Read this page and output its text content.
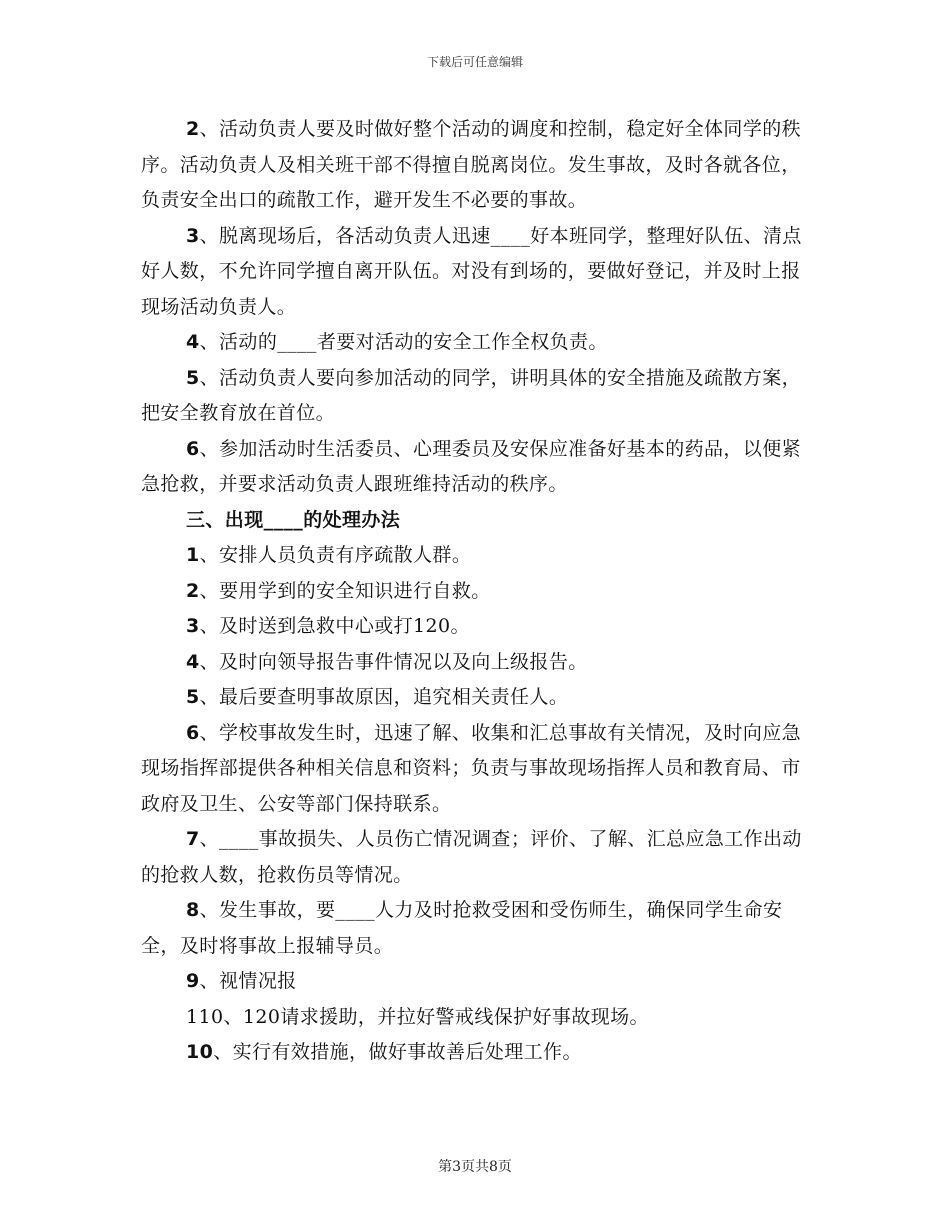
下载后可任意编辑

2、活动负责人要及时做好整个活动的调度和控制，稳定好全体同学的秩序。活动负责人及相关班干部不得擅自脱离岗位。发生事故，及时各就各位，负责安全出口的疏散工作，避开发生不必要的事故。

3、脱离现场后，各活动负责人迅速____好本班同学，整理好队伍、清点好人数，不允许同学擅自离开队伍。对没有到场的，要做好登记，并及时上报现场活动负责人。

4、活动的____者要对活动的安全工作全权负责。

5、活动负责人要向参加活动的同学，讲明具体的安全措施及疏散方案，把安全教育放在首位。

6、参加活动时生活委员、心理委员及安保应准备好基本的药品，以便紧急抢救，并要求活动负责人跟班维持活动的秩序。

三、出现____的处理办法

1、安排人员负责有序疏散人群。

2、要用学到的安全知识进行自救。

3、及时送到急救中心或打120。

4、及时向领导报告事件情况以及向上级报告。

5、最后要查明事故原因，追究相关责任人。

6、学校事故发生时，迅速了解、收集和汇总事故有关情况，及时向应急现场指挥部提供各种相关信息和资料；负责与事故现场指挥人员和教育局、市政府及卫生、公安等部门保持联系。

7、____事故损失、人员伤亡情况调查；评价、了解、汇总应急工作出动的抢救人数，抢救伤员等情况。

8、发生事故，要____人力及时抢救受困和受伤师生，确保同学生命安全，及时将事故上报辅导员。

9、视情况报

110、120请求援助，并拉好警戒线保护好事故现场。

10、实行有效措施，做好事故善后处理工作。

第3页共8页
